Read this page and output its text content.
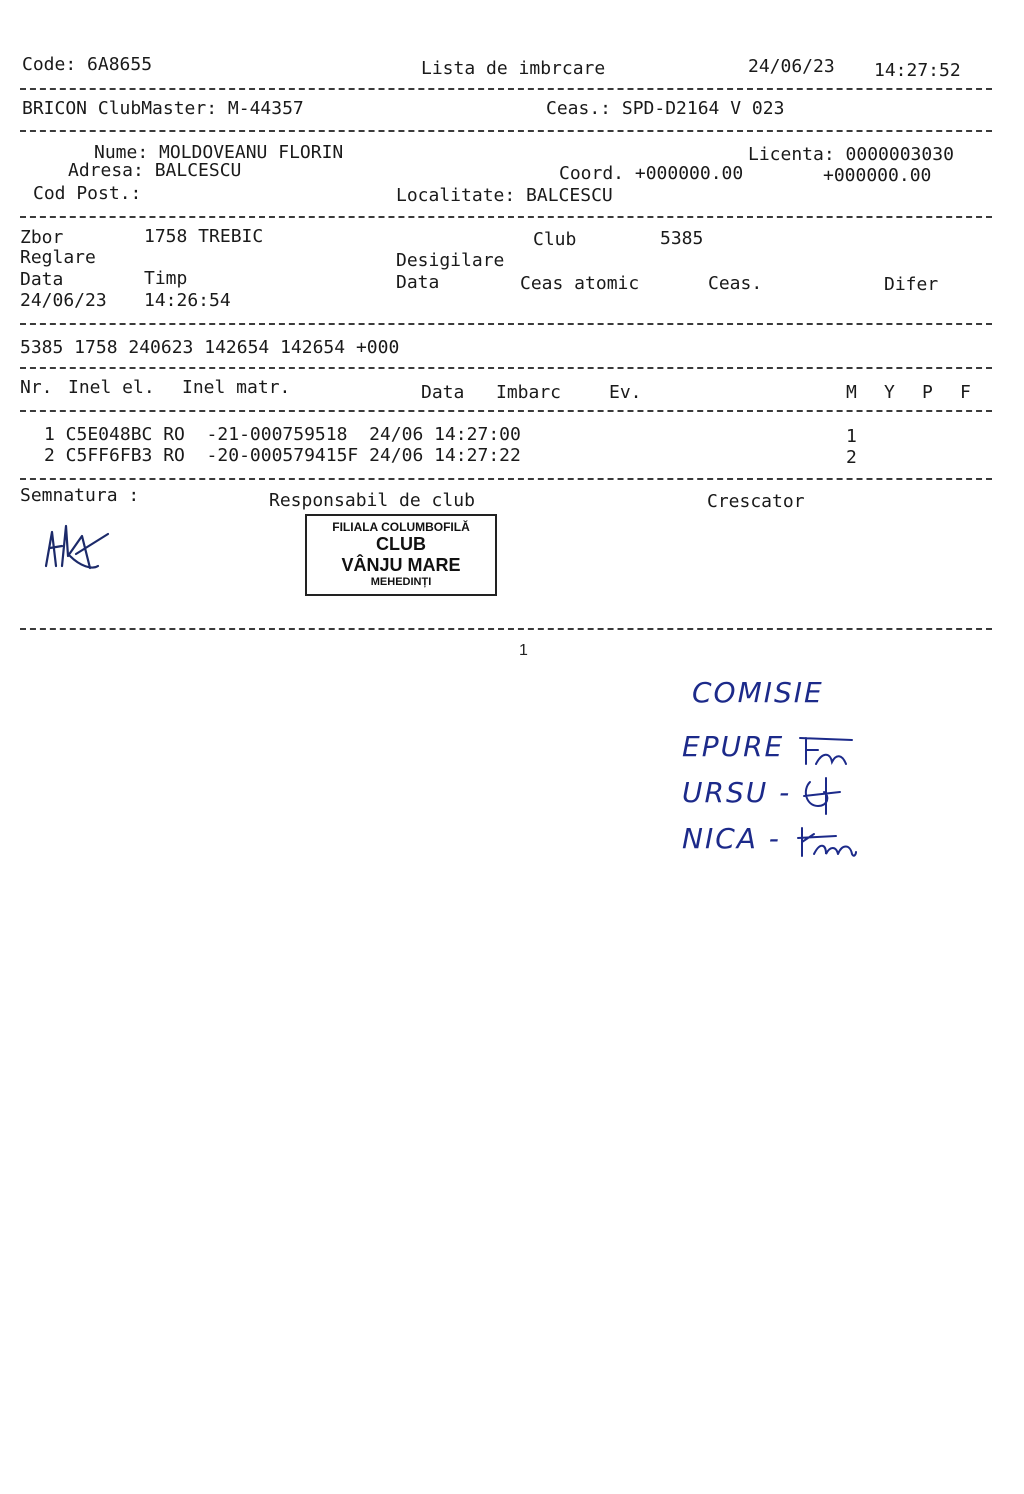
Code: 6A8655	Lista de imbrcare	24/06/23 14:27:52
BRICON ClubMaster: M-44357	Ceas.: SPD-D2164 V 023
Nume: MOLDOVEANU FLORIN	Licenta: 0000003030
Adresa: BALCESCU	Coord. +000000.00	+000000.00
Cod Post.:	Localitate: BALCESCU
Zbor	1758 TREBIC	Club	5385
Reglare	Desigilare
Data	Timp	Data	Ceas atomic	Ceas.	Difer
24/06/23 14:26:54
5385 1758 240623 142654 142654 +000
Nr. Inel el. Inel matr.	Data Imbarc	Ev.	M Y P F
1 C5E048BC RO  -21-000759518  24/06 14:27:00	1
2 C5FF6FB3 RO  -20-000579415F 24/06 14:27:22	2
Semnatura :	Responsabil de club	Crescator
FILIALA COLUMBOFILĂ
CLUB
VÂNJU MARE
MEHEDINȚI
1
COMISIE
EPURE
URSU -
NICA -
